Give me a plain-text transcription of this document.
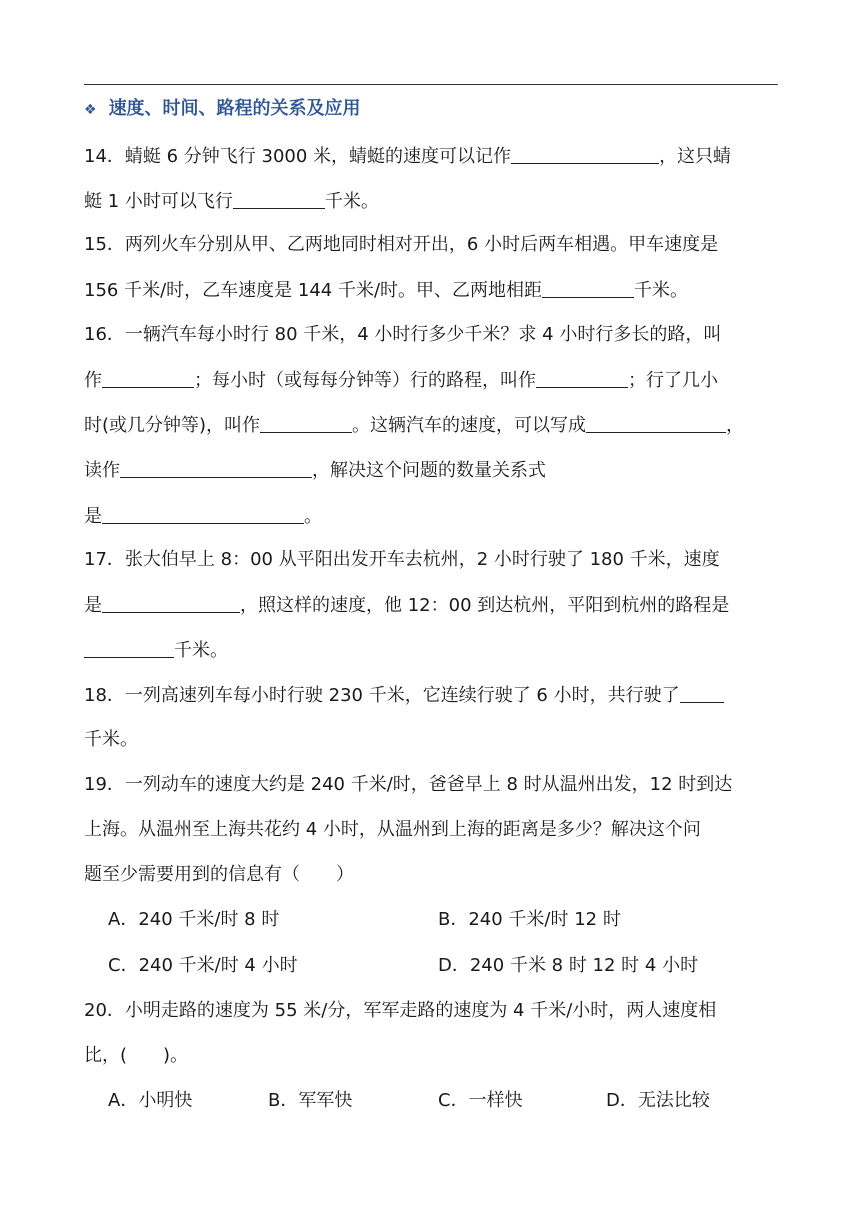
❖ 速度、时间、路程的关系及应用
14．蜻蜓 6 分钟飞行 3000 米，蜻蜓的速度可以记作	，这只蜻
蜓 1 小时可以飞行	千米。
15．两列火车分别从甲、乙两地同时相对开出，6 小时后两车相遇。甲车速度是
156 千米/时，乙车速度是 144 千米/时。甲、乙两地相距	千米。
16．一辆汽车每小时行 80 千米，4 小时行多少千米？求 4 小时行多长的路，叫
作	；每小时（或每每分钟等）行的路程，叫作	；行了几小
时(或几分钟等)，叫作	。这辆汽车的速度，可以写成	，
读作	，解决这个问题的数量关系式
是	。
17．张大伯早上 8：00 从平阳出发开车去杭州，2 小时行驶了 180 千米，速度
是	，照这样的速度，他 12：00 到达杭州，平阳到杭州的路程是
千米。
18．一列高速列车每小时行驶 230 千米，它连续行驶了 6 小时，共行驶了
千米。
19．一列动车的速度大约是 240 千米/时，爸爸早上 8 时从温州出发，12 时到达
上海。从温州至上海共花约 4 小时，从温州到上海的距离是多少？解决这个问
题至少需要用到的信息有（　　）
A．240 千米/时 8 时	B．240 千米/时 12 时
C．240 千米/时 4 小时	D．240 千米 8 时 12 时 4 小时
20．小明走路的速度为 55 米/分，军军走路的速度为 4 千米/小时，两人速度相
比，(　　)。
A．小明快	B．军军快	C．一样快	D．无法比较
